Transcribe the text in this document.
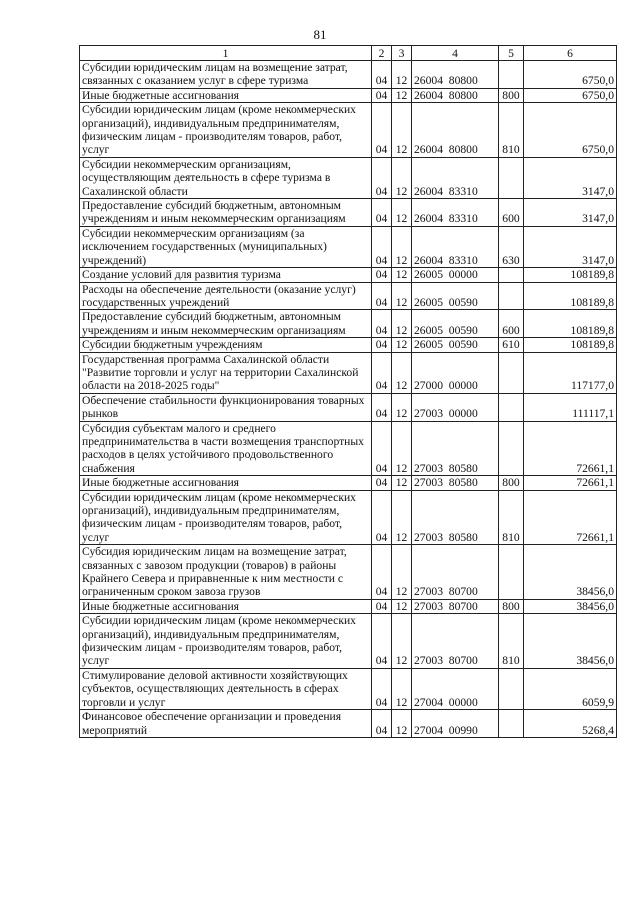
81
1	2	3	4	5	6
Субсидии юридическим лицам на возмещение затрат, связанных с оказанием услуг в сфере туризма	04	12	26004 80800		6750,0
Иные бюджетные ассигнования	04	12	26004 80800	800	6750,0
Субсидии юридическим лицам (кроме некоммерческих организаций), индивидуальным предпринимателям, физическим лицам - производителям товаров, работ, услуг	04	12	26004 80800	810	6750,0
Субсидии некоммерческим организациям, осуществляющим деятельность в сфере туризма в Сахалинской области	04	12	26004 83310		3147,0
Предоставление субсидий бюджетным, автономным учреждениям и иным некоммерческим организациям	04	12	26004 83310	600	3147,0
Субсидии некоммерческим организациям (за исключением государственных (муниципальных) учреждений)	04	12	26004 83310	630	3147,0
Создание условий для развития туризма	04	12	26005 00000		108189,8
Расходы на обеспечение деятельности (оказание услуг) государственных учреждений	04	12	26005 00590		108189,8
Предоставление субсидий бюджетным, автономным учреждениям и иным некоммерческим организациям	04	12	26005 00590	600	108189,8
Субсидии бюджетным учреждениям	04	12	26005 00590	610	108189,8
Государственная программа Сахалинской области "Развитие торговли и услуг на территории Сахалинской области на 2018-2025 годы"	04	12	27000 00000		117177,0
Обеспечение стабильности функционирования товарных рынков	04	12	27003 00000		111117,1
Субсидия субъектам малого и среднего предпринимательства в части возмещения транспортных расходов в целях устойчивого продовольственного снабжения	04	12	27003 80580		72661,1
Иные бюджетные ассигнования	04	12	27003 80580	800	72661,1
Субсидии юридическим лицам (кроме некоммерческих организаций), индивидуальным предпринимателям, физическим лицам - производителям товаров, работ, услуг	04	12	27003 80580	810	72661,1
Субсидия юридическим лицам на возмещение затрат, связанных с завозом продукции (товаров) в районы Крайнего Севера и приравненные к ним местности с ограниченным сроком завоза грузов	04	12	27003 80700		38456,0
Иные бюджетные ассигнования	04	12	27003 80700	800	38456,0
Субсидии юридическим лицам (кроме некоммерческих организаций), индивидуальным предпринимателям, физическим лицам - производителям товаров, работ, услуг	04	12	27003 80700	810	38456,0
Стимулирование деловой активности хозяйствующих субъектов, осуществляющих деятельность в сферах торговли и услуг	04	12	27004 00000		6059,9
Финансовое обеспечение организации и проведения мероприятий	04	12	27004 00990		5268,4
